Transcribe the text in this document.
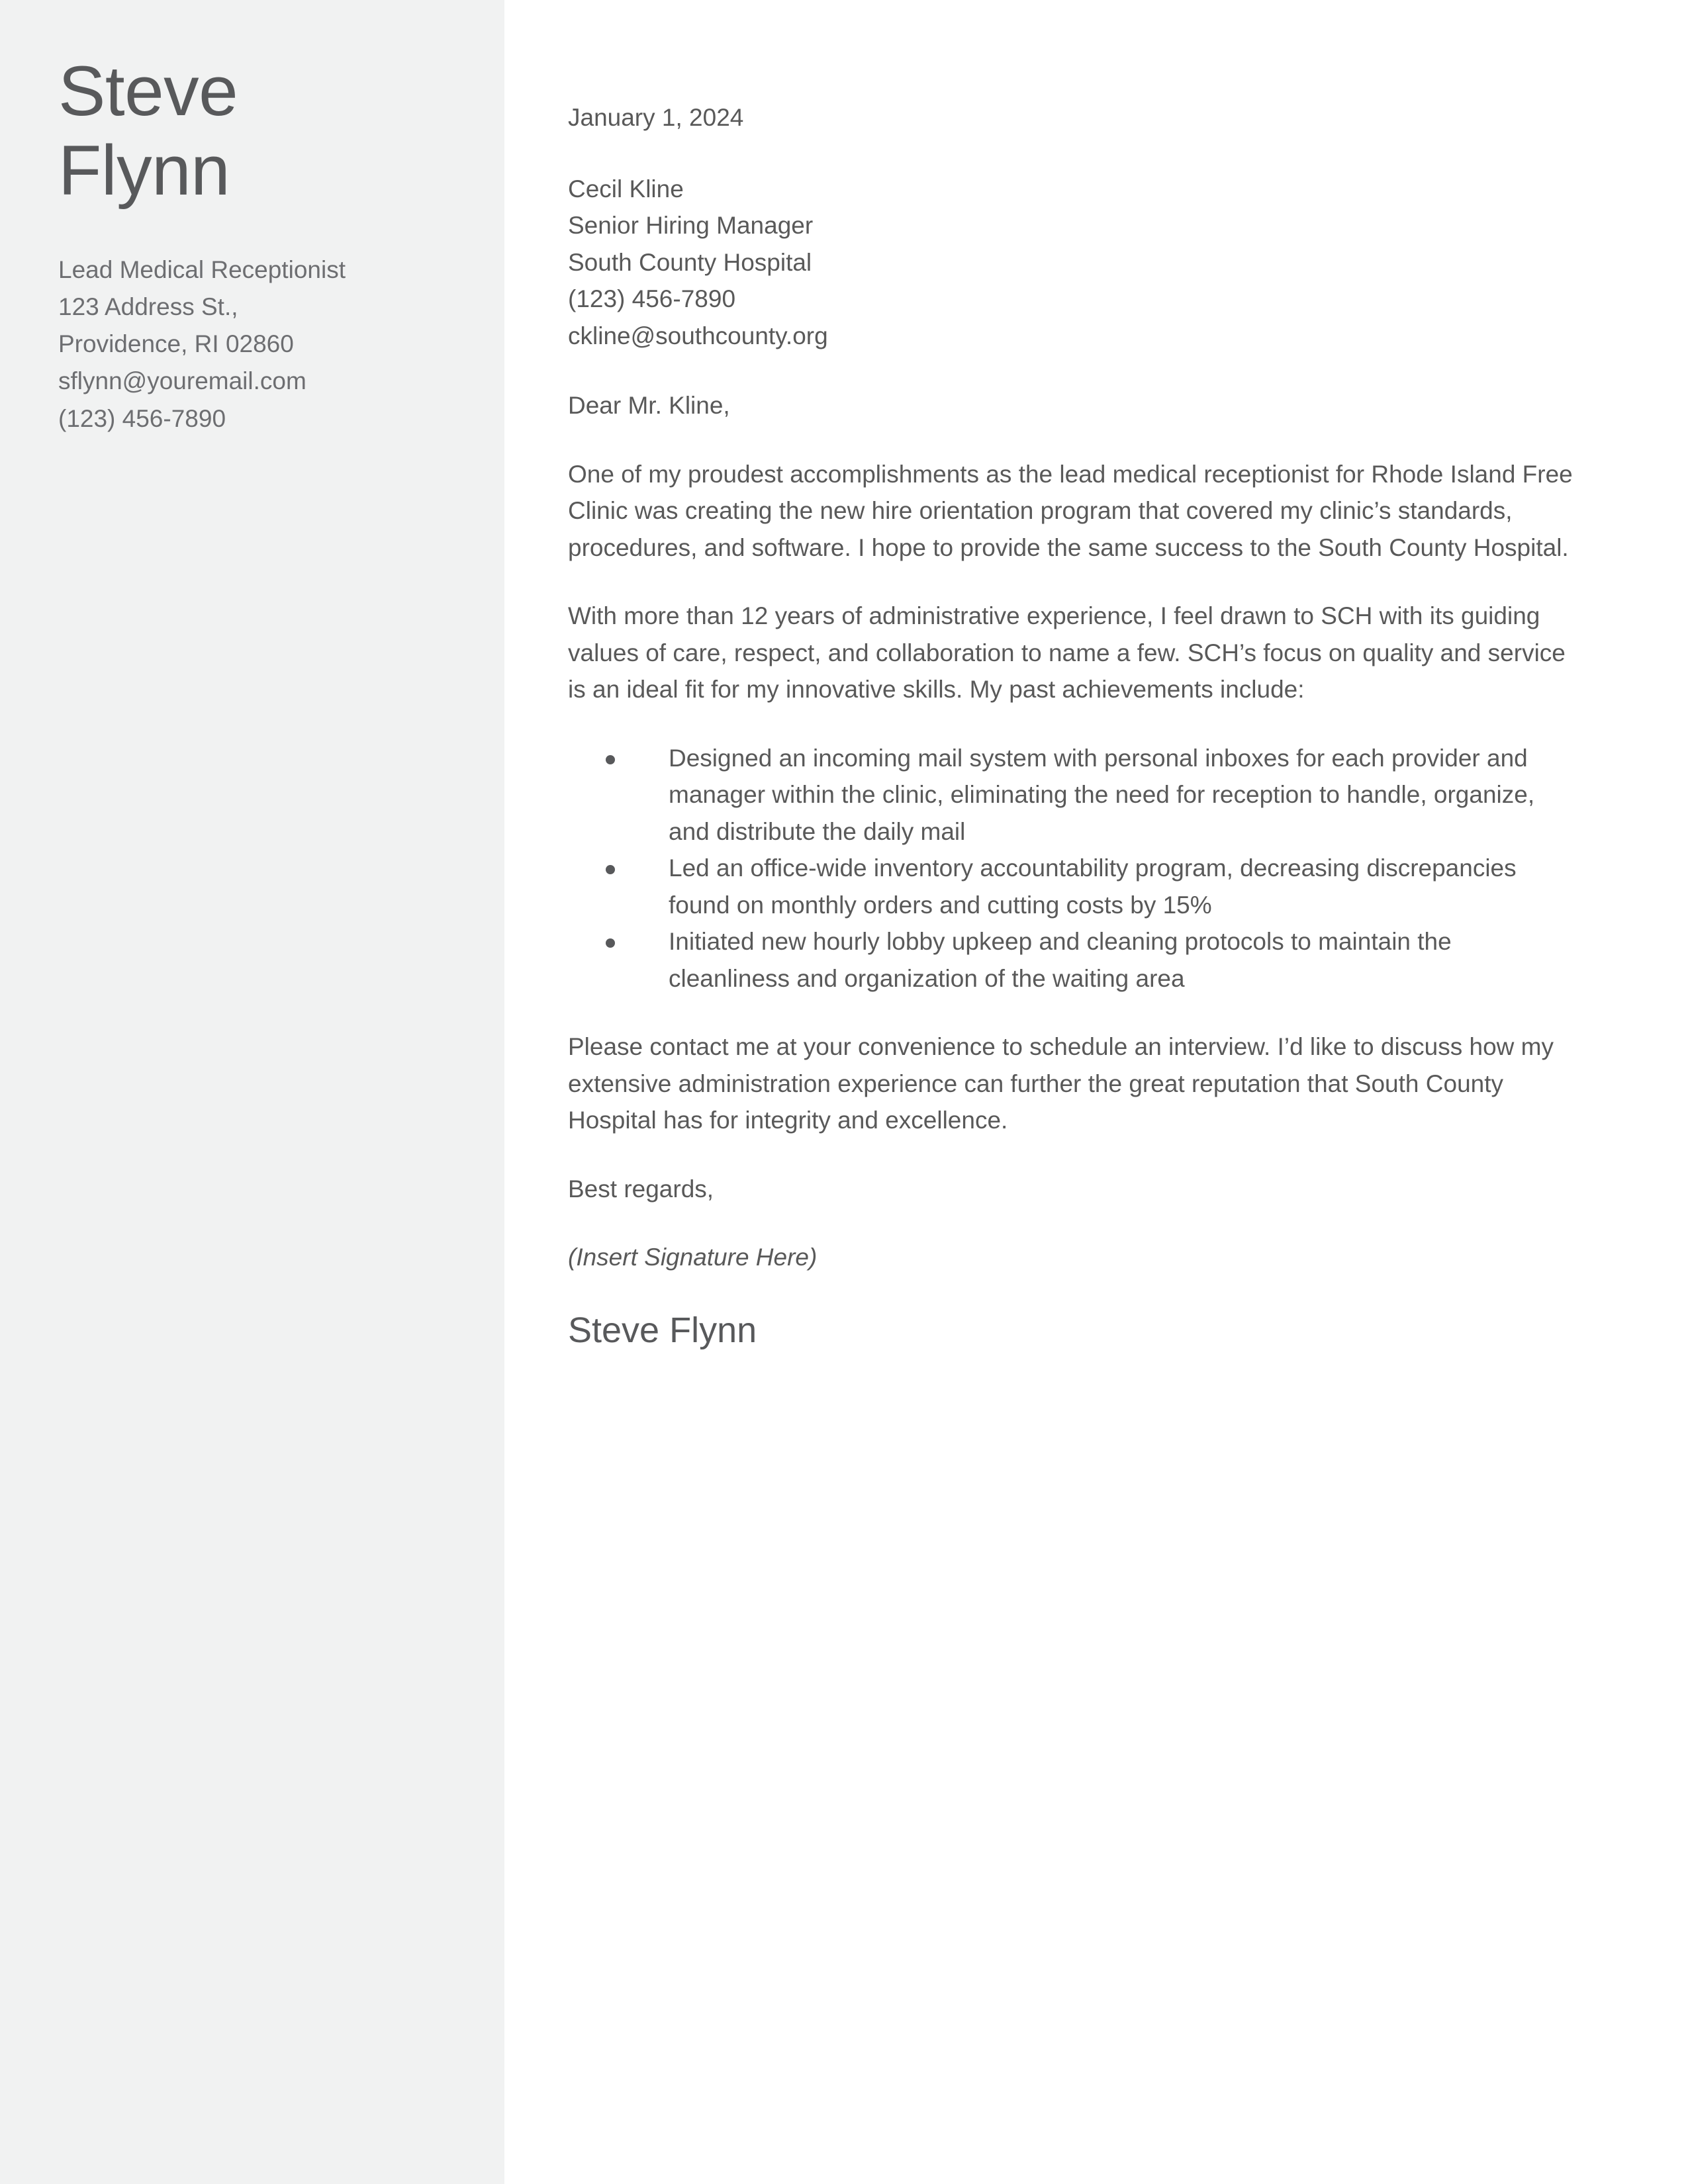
Steve
Flynn
Lead Medical Receptionist
123 Address St.,
Providence, RI 02860
sflynn@youremail.com
(123) 456-7890

January 1, 2024

Cecil Kline
Senior Hiring Manager
South County Hospital
(123) 456-7890
ckline@southcounty.org

Dear Mr. Kline,

One of my proudest accomplishments as the lead medical receptionist for Rhode Island Free Clinic was creating the new hire orientation program that covered my clinic’s standards, procedures, and software. I hope to provide the same success to the South County Hospital.

With more than 12 years of administrative experience, I feel drawn to SCH with its guiding values of care, respect, and collaboration to name a few. SCH’s focus on quality and service is an ideal fit for my innovative skills. My past achievements include:

Designed an incoming mail system with personal inboxes for each provider and manager within the clinic, eliminating the need for reception to handle, organize, and distribute the daily mail
Led an office-wide inventory accountability program, decreasing discrepancies found on monthly orders and cutting costs by 15%
Initiated new hourly lobby upkeep and cleaning protocols to maintain the cleanliness and organization of the waiting area

Please contact me at your convenience to schedule an interview. I’d like to discuss how my extensive administration experience can further the great reputation that South County Hospital has for integrity and excellence.

Best regards,

(Insert Signature Here)

Steve Flynn
